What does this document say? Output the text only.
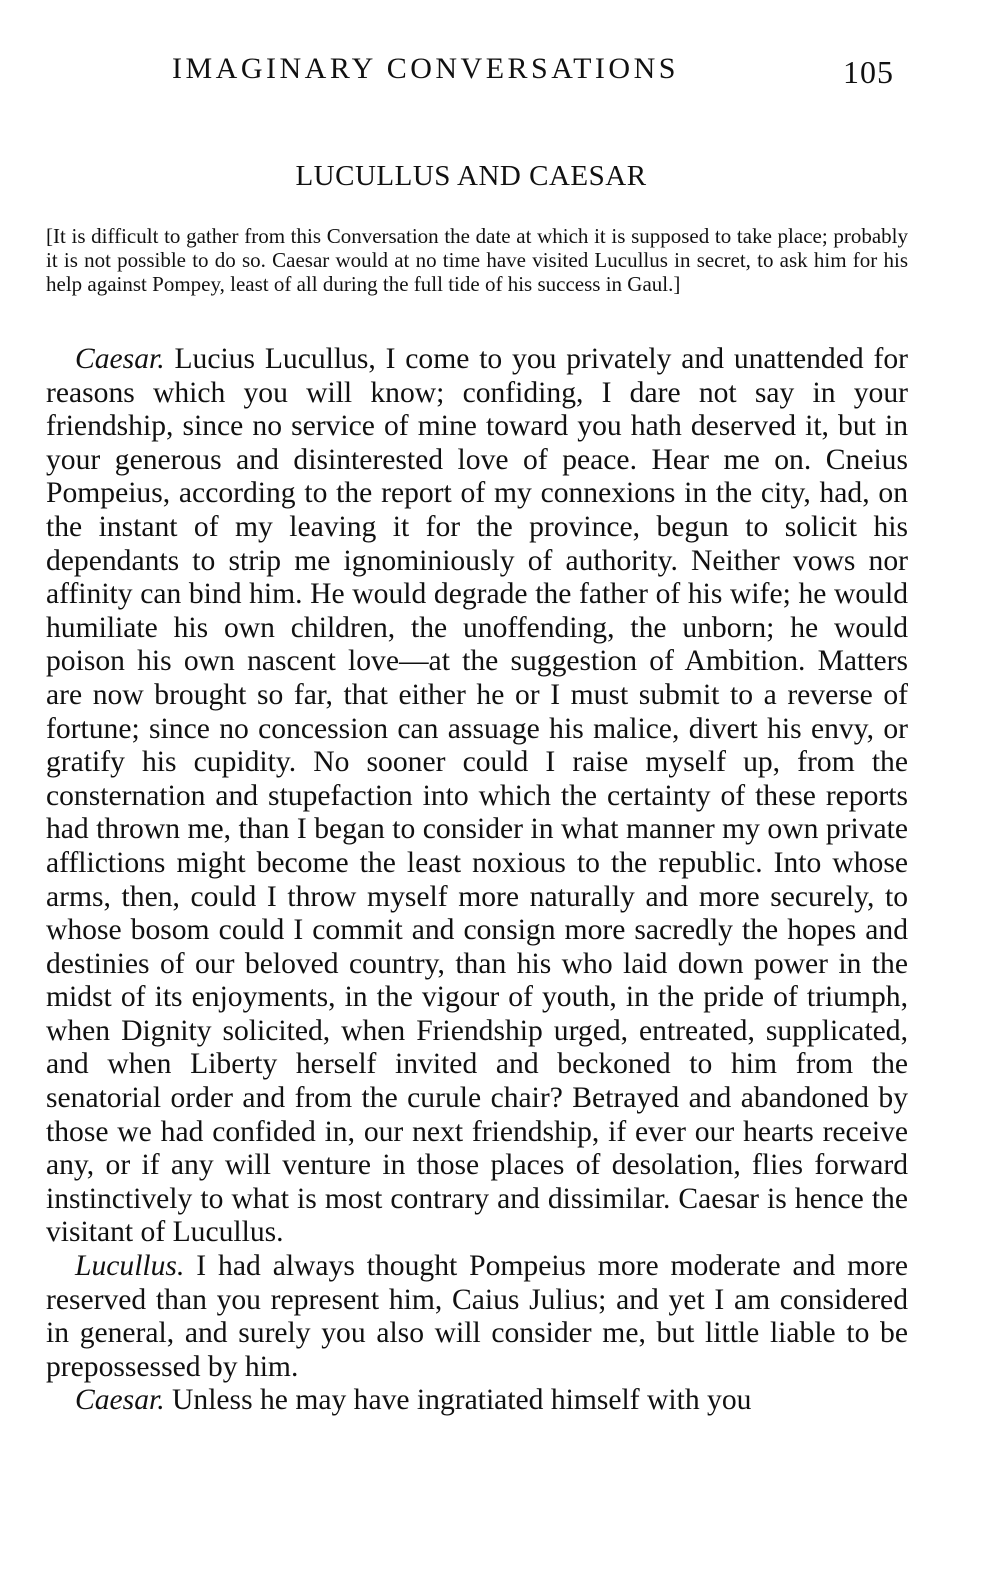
IMAGINARY CONVERSATIONS	105
LUCULLUS AND CAESAR
[It is difficult to gather from this Conversation the date at which it is supposed to take place; probably it is not possible to do so. Caesar would at no time have visited Lucullus in secret, to ask him for his help against Pompey, least of all during the full tide of his success in Gaul.]

Caesar. Lucius Lucullus, I come to you privately and unattended for reasons which you will know; confiding, I dare not say in your friendship, since no service of mine toward you hath deserved it, but in your generous and disinterested love of peace. Hear me on. Cneius Pompeius, according to the report of my connexions in the city, had, on the instant of my leaving it for the province, begun to solicit his dependants to strip me ignominiously of authority. Neither vows nor affinity can bind him. He would degrade the father of his wife; he would humiliate his own children, the unoffending, the unborn; he would poison his own nascent love—at the suggestion of Ambition. Matters are now brought so far, that either he or I must submit to a reverse of fortune; since no concession can assuage his malice, divert his envy, or gratify his cupidity. No sooner could I raise myself up, from the consternation and stupefaction into which the certainty of these reports had thrown me, than I began to consider in what manner my own private afflictions might become the least noxious to the republic. Into whose arms, then, could I throw myself more naturally and more securely, to whose bosom could I commit and consign more sacredly the hopes and destinies of our beloved country, than his who laid down power in the midst of its enjoyments, in the vigour of youth, in the pride of triumph, when Dignity solicited, when Friendship urged, entreated, supplicated, and when Liberty herself invited and beckoned to him from the senatorial order and from the curule chair? Betrayed and abandoned by those we had confided in, our next friendship, if ever our hearts receive any, or if any will venture in those places of desolation, flies forward instinctively to what is most contrary and dissimilar. Caesar is hence the visitant of Lucullus.

Lucullus. I had always thought Pompeius more moderate and more reserved than you represent him, Caius Julius; and yet I am considered in general, and surely you also will consider me, but little liable to be prepossessed by him.

Caesar. Unless he may have ingratiated himself with you
